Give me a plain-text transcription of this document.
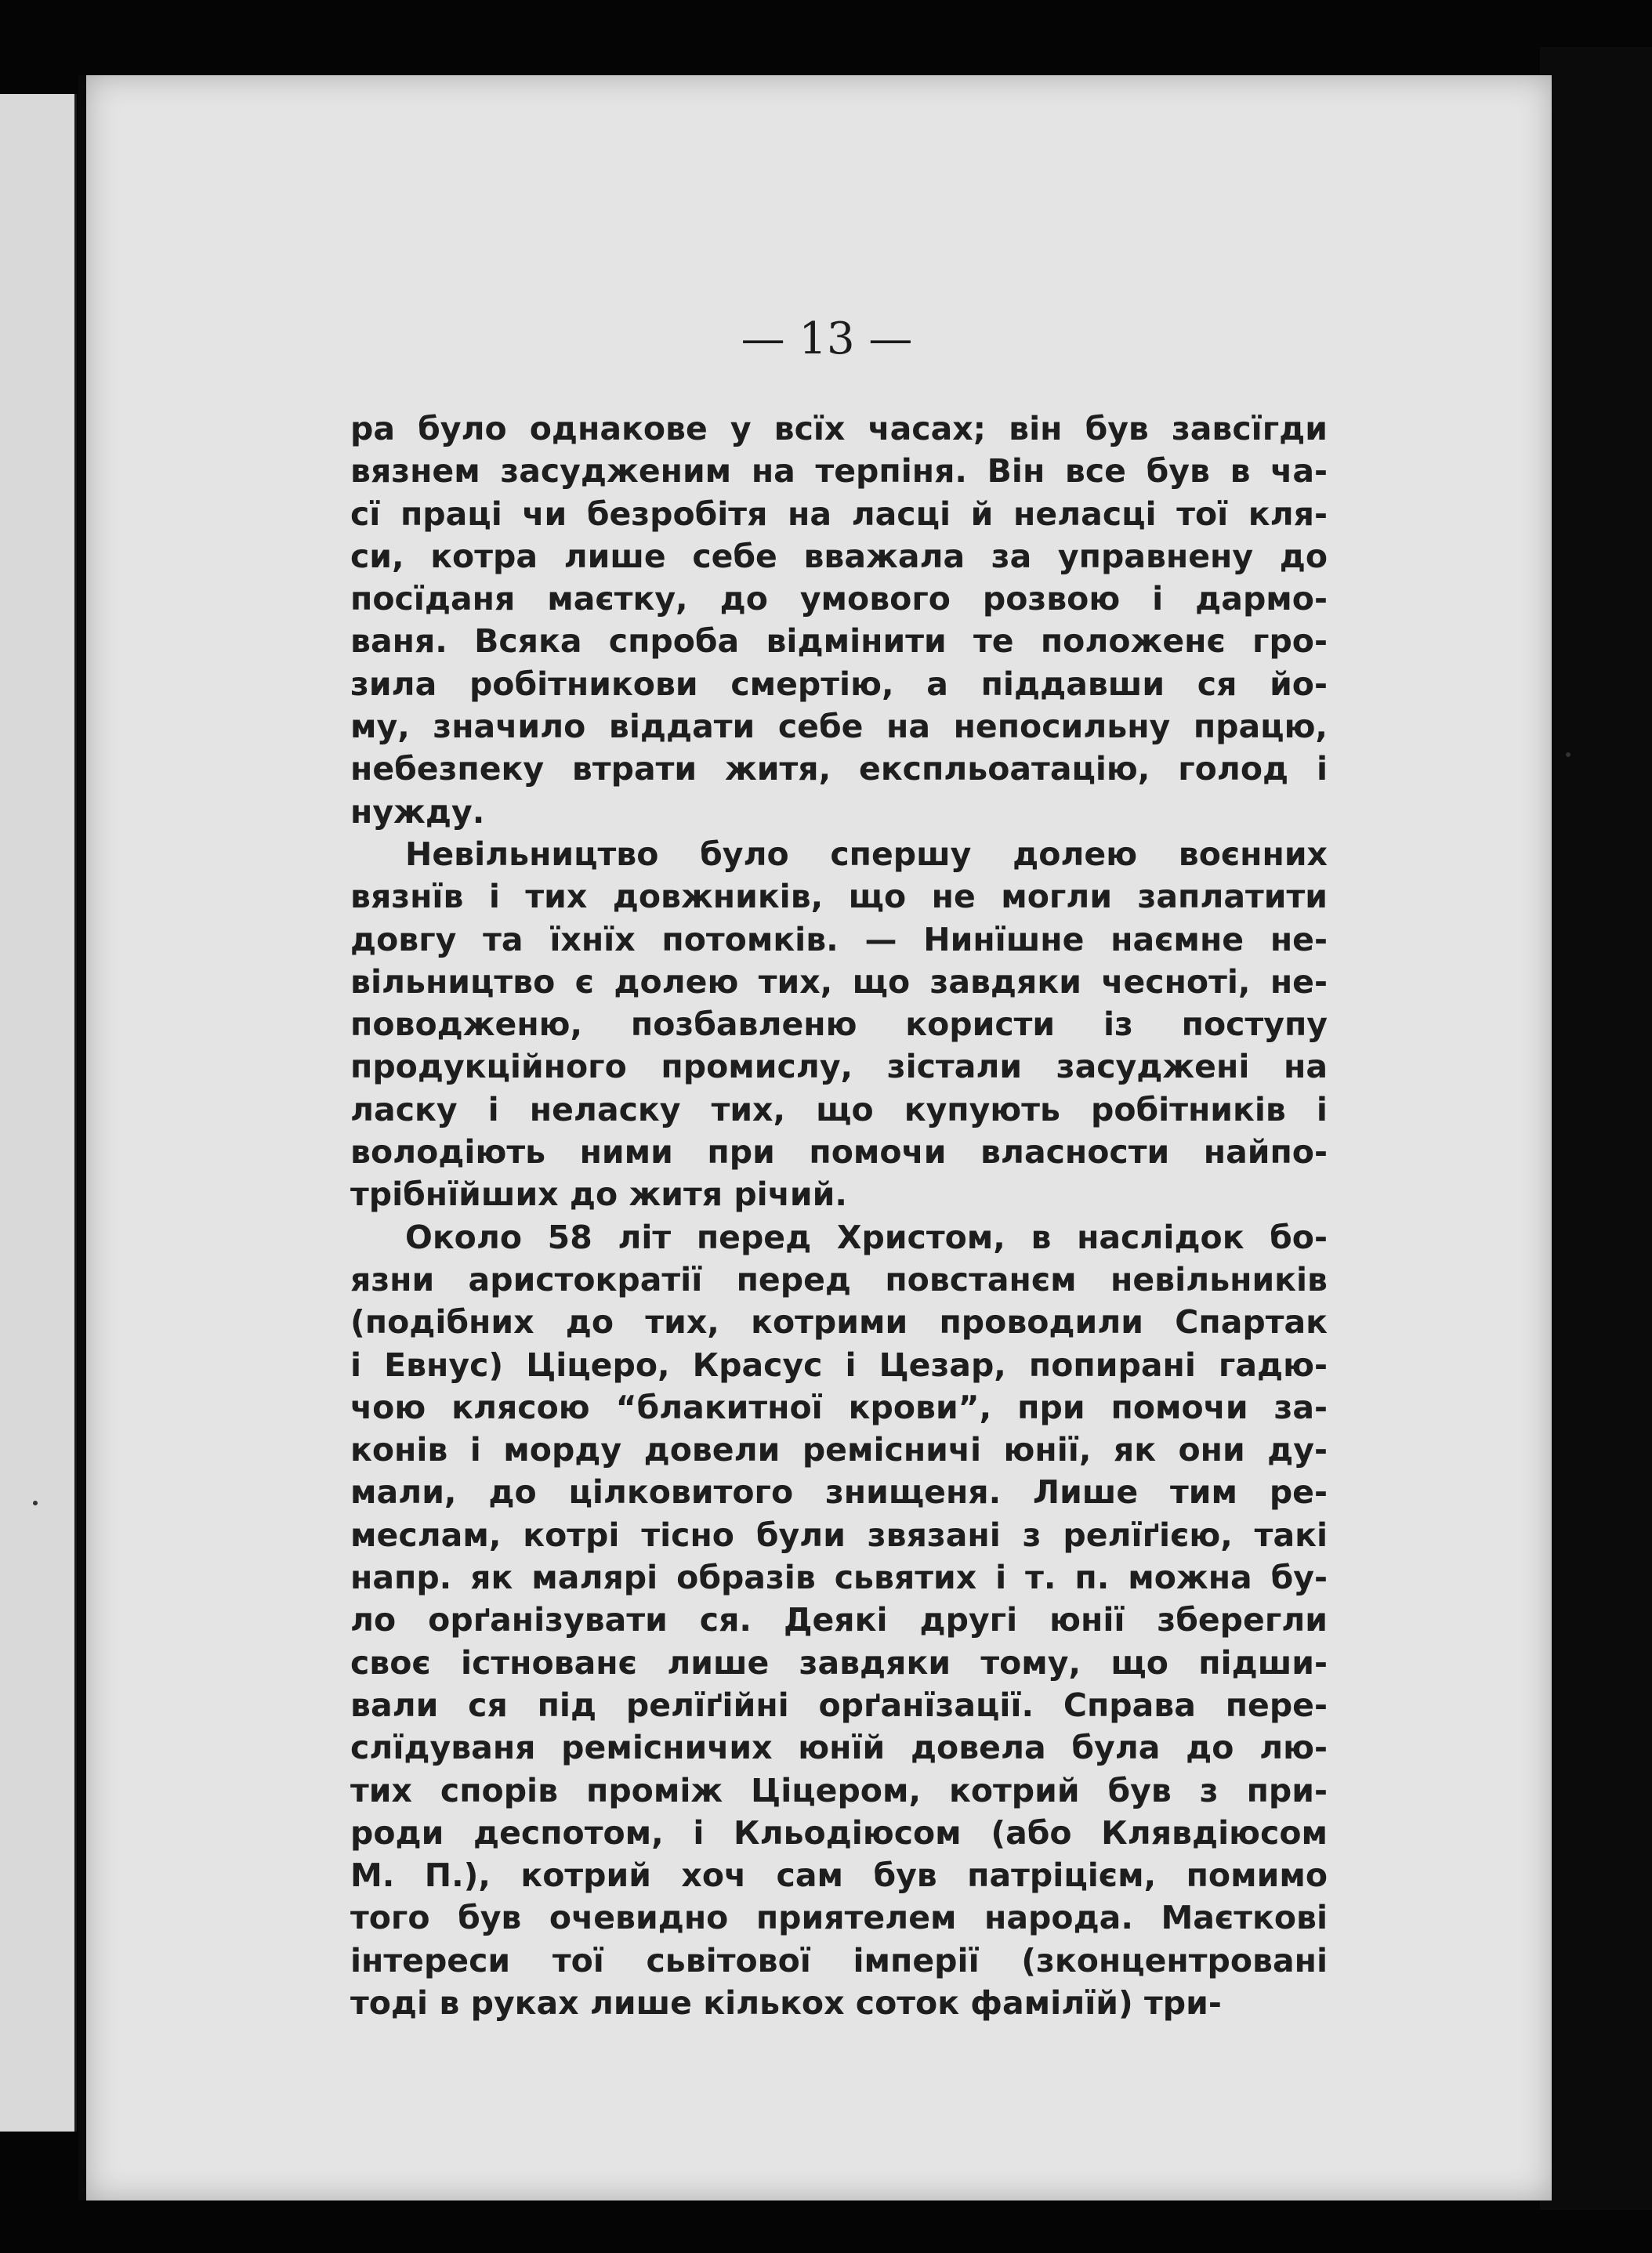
— 13 —
ра було однакове у всїх часах; він був завсїгди
вязнем засудженим на терпіня. Він все був в ча-
сї праці чи безробітя на ласці й неласці тої кля-
си, котра лише себе вважала за управнену до
посїданя маєтку, до умового розвою і дармо-
ваня. Всяка спроба відмінити те положенє гро-
зила робітникови смертію, а піддавши ся йо-
му, значило віддати себе на непосильну працю,
небезпеку втрати житя, експльоатацію, голод і
нужду.
Невільництво було спершу долею воєнних
вязнїв і тих довжників, що не могли заплатити
довгу та їхнїх потомків. — Нинїшне наємне не-
вільництво є долею тих, що завдяки чесноті, не-
поводженю, позбавленю користи із поступу
продукційного промислу, зістали засуджені на
ласку і неласку тих, що купують робітників і
володіють ними при помочи власности найпо-
трібнїйших до житя річий.
Около 58 літ перед Христом, в наслідок бо-
язни аристократії перед повстанєм невільників
(подібних до тих, котрими проводили Спартак
і Евнус) Ціцеро, Красус і Цезар, попирані гадю-
чою клясою “блакитної крови”, при помочи за-
конів і морду довели ремісничі юнії, як они ду-
мали, до цілковитого знищеня. Лише тим ре-
меслам, котрі тісно були звязані з релїґією, такі
напр. як малярі образів сьвятих і т. п. можна бу-
ло орґанізувати ся. Деякі другі юнії зберегли
своє істнованє лише завдяки тому, що підши-
вали ся під релїґійні орґанїзації. Справа пере-
слїдуваня ремісничих юнїй довела була до лю-
тих спорів проміж Ціцером, котрий був з при-
роди деспотом, і Кльодіюсом (або Клявдіюсом
М. П.), котрий хоч сам був патріцієм, помимо
того був очевидно приятелем народа. Маєткові
інтереси тої сьвітової імперії (зконцентровані
тоді в руках лише кількох соток фамілїй) три-
